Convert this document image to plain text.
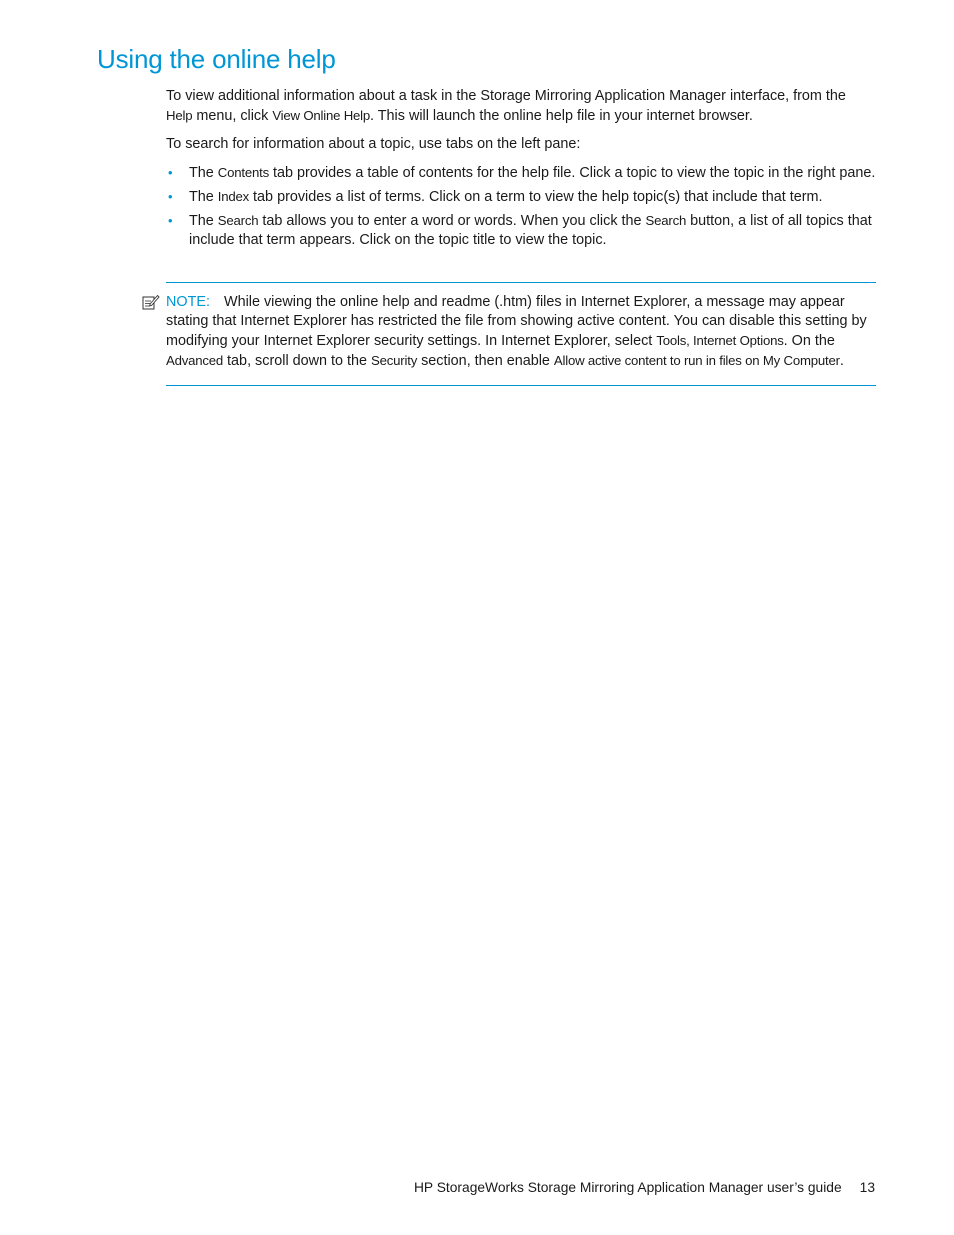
Using the online help

To view additional information about a task in the Storage Mirroring Application Manager interface, from the Help menu, click View Online Help. This will launch the online help file in your internet browser.

To search for information about a topic, use tabs on the left pane:

• The Contents tab provides a table of contents for the help file. Click a topic to view the topic in the right pane.
• The Index tab provides a list of terms. Click on a term to view the help topic(s) that include that term.
• The Search tab allows you to enter a word or words. When you click the Search button, a list of all topics that include that term appears. Click on the topic title to view the topic.
NOTE: While viewing the online help and readme (.htm) files in Internet Explorer, a message may appear stating that Internet Explorer has restricted the file from showing active content. You can disable this setting by modifying your Internet Explorer security settings. In Internet Explorer, select Tools, Internet Options. On the Advanced tab, scroll down to the Security section, then enable Allow active content to run in files on My Computer.
HP StorageWorks Storage Mirroring Application Manager user’s guide 13
